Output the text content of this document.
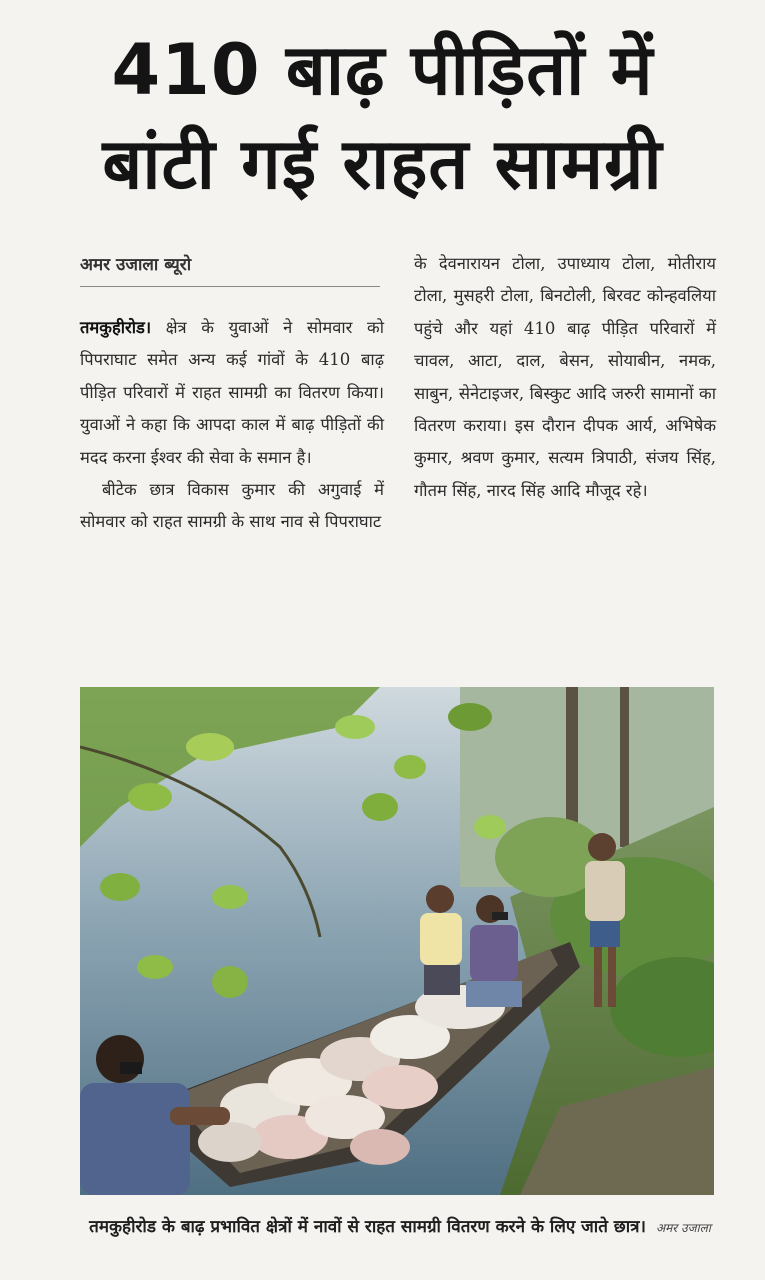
410 बाढ़ पीड़ितों में
बांटी गई राहत सामग्री
अमर उजाला ब्यूरो

तमकुहीरोड। क्षेत्र के युवाओं ने सोमवार को पिपराघाट समेत अन्य कई गांवों के 410 बाढ़ पीड़ित परिवारों में राहत सामग्री का वितरण किया। युवाओं ने कहा कि आपदा काल में बाढ़ पीड़ितों की मदद करना ईश्वर की सेवा के समान है।

बीटेक छात्र विकास कुमार की अगुवाई में सोमवार को राहत सामग्री के साथ नाव से पिपराघाट

के देवनारायन टोला, उपाध्याय टोला, मोतीराय टोला, मुसहरी टोला, बिनटोली, बिरवट कोन्हवलिया पहुंचे और यहां 410 बाढ़ पीड़ित परिवारों में चावल, आटा, दाल, बेसन, सोयाबीन, नमक, साबुन, सेनेटाइजर, बिस्कुट आदि जरुरी सामानों का वितरण कराया। इस दौरान दीपक आर्य, अभिषेक कुमार, श्रवण कुमार, सत्यम त्रिपाठी, संजय सिंह, गौतम सिंह, नारद सिंह आदि मौजूद रहे।

तमकुहीरोड के बाढ़ प्रभावित क्षेत्रों में नावों से राहत सामग्री वितरण करने के लिए जाते छात्र। अमर उजाला
